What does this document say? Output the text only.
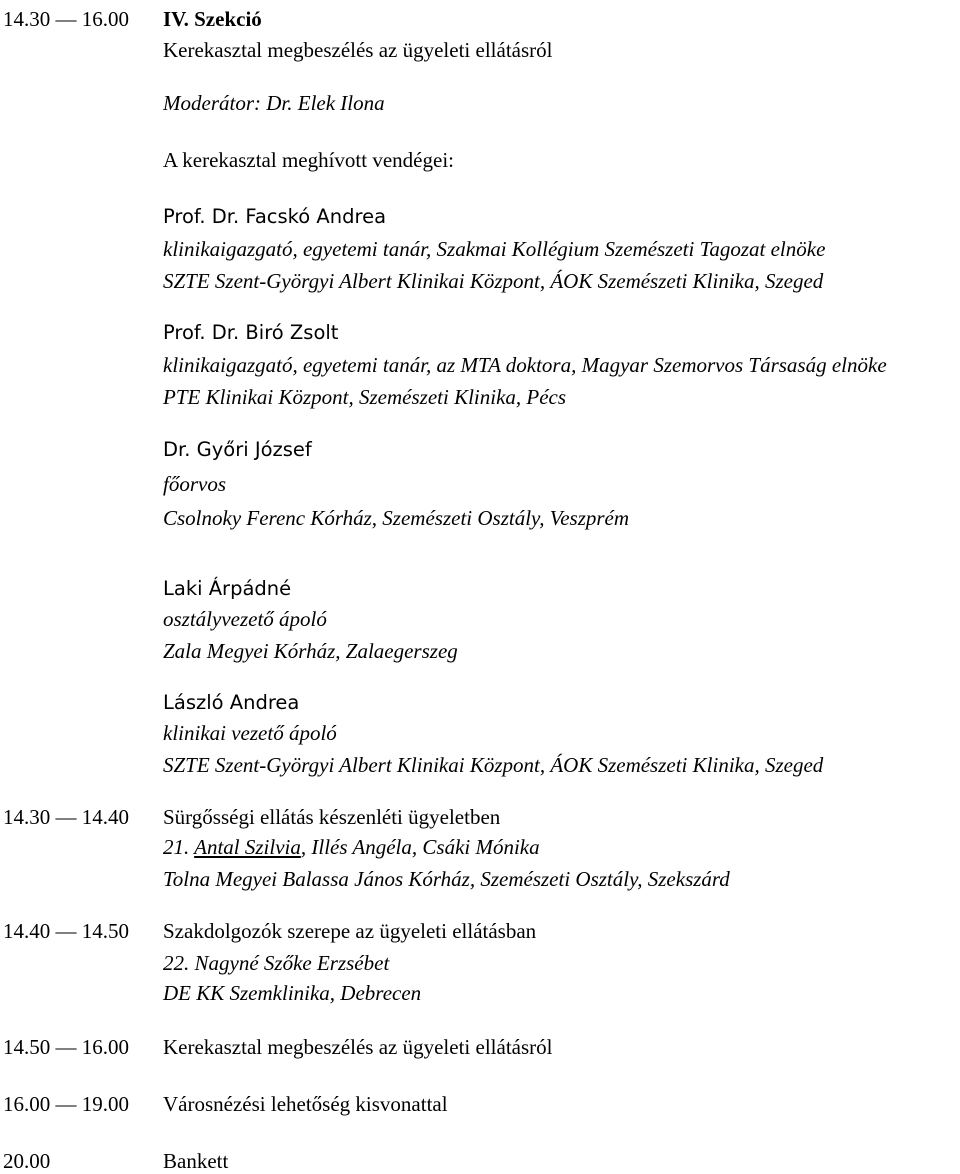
14.30 — 16.00 IV. Szekció
Kerekasztal megbeszélés az ügyeleti ellátásról
Moderátor: Dr. Elek Ilona
A kerekasztal meghívott vendégei:
Prof. Dr. Facskó Andrea
klinikaigazgató, egyetemi tanár, Szakmai Kollégium Szemészeti Tagozat elnöke
SZTE Szent-Györgyi Albert Klinikai Központ, ÁOK Szemészeti Klinika, Szeged
Prof. Dr. Biró Zsolt
klinikaigazgató, egyetemi tanár, az MTA doktora, Magyar Szemorvos Társaság elnöke
PTE Klinikai Központ, Szemészeti Klinika, Pécs
Dr. Győri József
főorvos
Csolnoky Ferenc Kórház, Szemészeti Osztály, Veszprém
Laki Árpádné
osztályvezető ápoló
Zala Megyei Kórház, Zalaegerszeg
László Andrea
klinikai vezető ápoló
SZTE Szent-Györgyi Albert Klinikai Központ, ÁOK Szemészeti Klinika, Szeged
14.30 — 14.40 Sürgősségi ellátás készenléti ügyeletben
21. Antal Szilvia, Illés Angéla, Csáki Mónika
Tolna Megyei Balassa János Kórház, Szemészeti Osztály, Szekszárd
14.40 — 14.50 Szakdolgozók szerepe az ügyeleti ellátásban
22. Nagyné Szőke Erzsébet
DE KK Szemklinika, Debrecen
14.50 — 16.00 Kerekasztal megbeszélés az ügyeleti ellátásról
16.00 — 19.00 Városnézési lehetőség kisvonattal
20.00	Bankett
